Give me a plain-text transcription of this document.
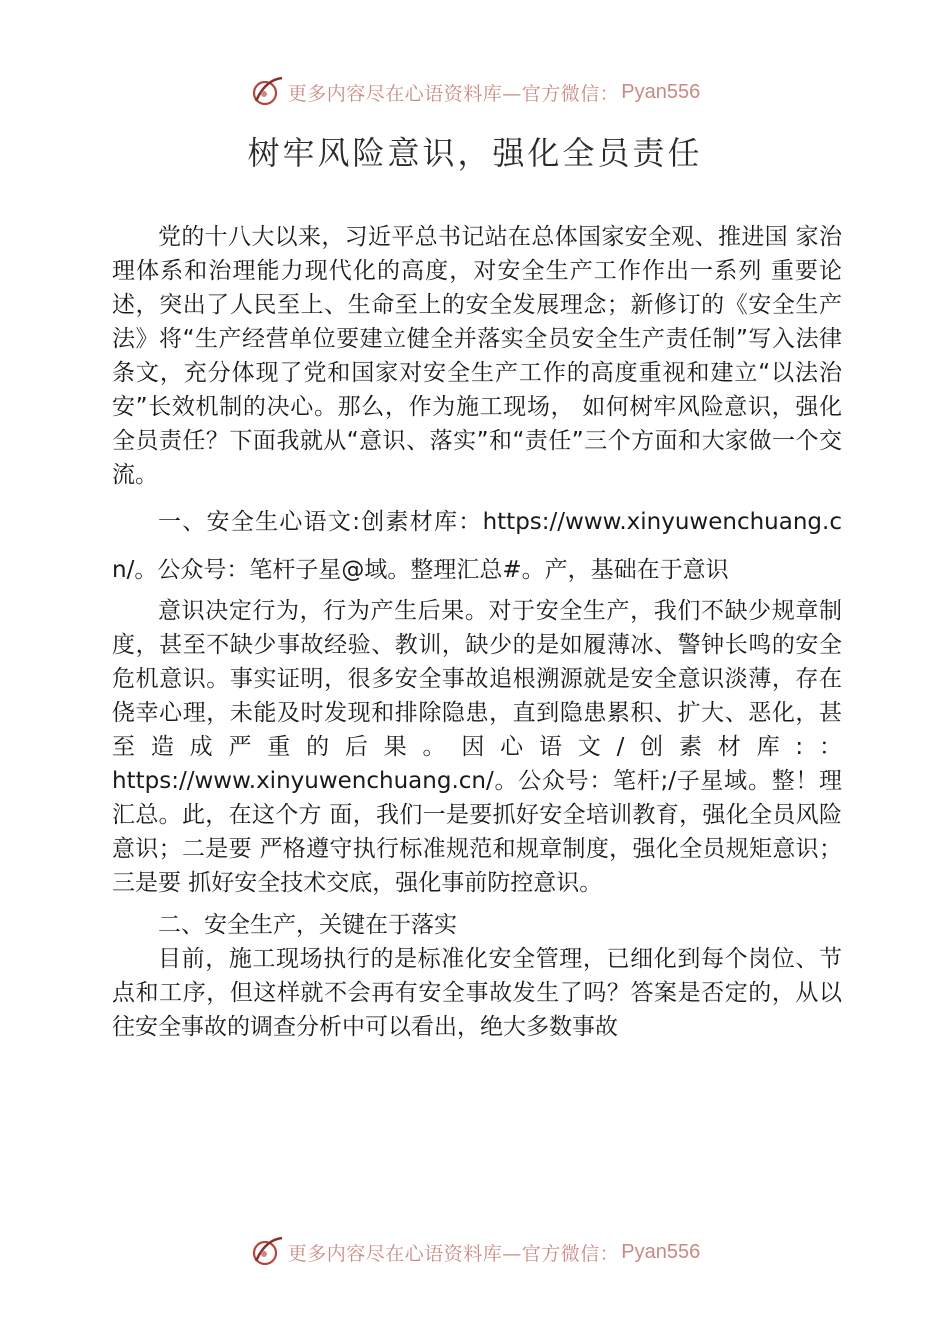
更多内容尽在心语资料库—官方微信： Pyan556
树牢风险意识，强化全员责任

党的十八大以来，习近平总书记站在总体国家安全观、推进国 家治理体系和治理能力现代化的高度，对安全生产工作作出一系列 重要论述，突出了人民至上、生命至上的安全发展理念；新修订的《安全生产法》将“生产经营单位要建立健全并落实全员安全生产责任制”写入法律条文，充分体现了党和国家对安全生产工作的高度重视和建立“以法治安”长效机制的决心。那么，作为施工现场， 如何树牢风险意识，强化全员责任？下面我就从“意识、落实”和“责任”三个方面和大家做一个交流。

一、安全生心语文:创素材库：https://www.xinyuwenchuang.cn/。公众号：笔杆子星@域。整理汇总#。产，基础在于意识

意识决定行为，行为产生后果。对于安全生产，我们不缺少规章制度，甚至不缺少事故经验、教训，缺少的是如履薄冰、警钟长鸣的安全危机意识。事实证明，很多安全事故追根溯源就是安全意识淡薄，存在侥幸心理，未能及时发现和排除隐患，直到隐患累积、扩大、恶化，甚至造成严重的后果。因心语文/创素材库:：https://www.xinyuwenchuang.cn/。公众号：笔杆;/子星域。整！理汇总。此，在这个方 面，我们一是要抓好安全培训教育，强化全员风险意识；二是要 严格遵守执行标准规范和规章制度，强化全员规矩意识；三是要 抓好安全技术交底，强化事前防控意识。

二、安全生产，关键在于落实

目前，施工现场执行的是标准化安全管理，已细化到每个岗位、节点和工序，但这样就不会再有安全事故发生了吗？答案是否定的，从以往安全事故的调查分析中可以看出，绝大多数事故

更多内容尽在心语资料库—官方微信： Pyan556
